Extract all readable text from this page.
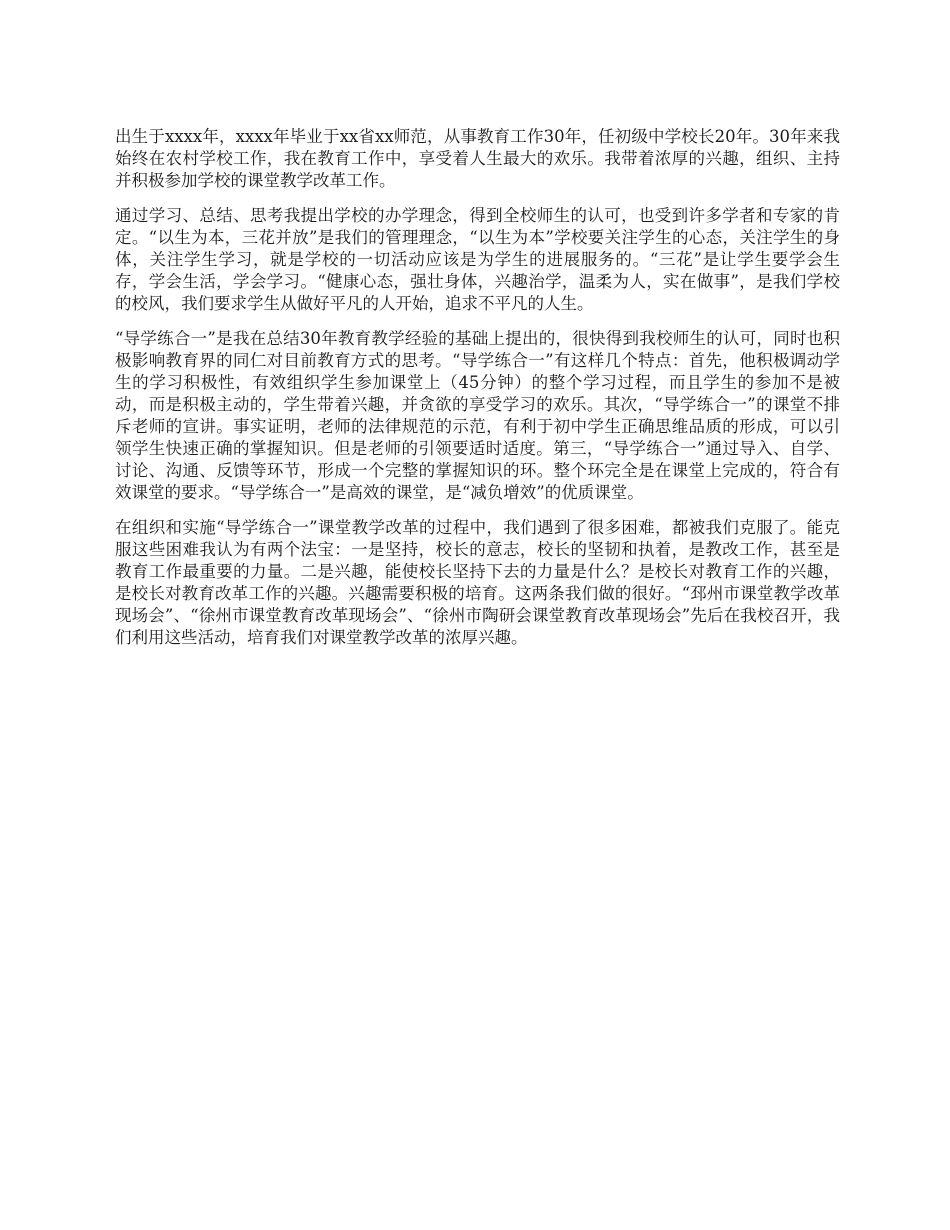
出生于xxxx年，xxxx年毕业于xx省xx师范，从事教育工作30年，任初级中学校长20年。30年来我始终在农村学校工作，我在教育工作中，享受着人生最大的欢乐。我带着浓厚的兴趣，组织、主持并积极参加学校的课堂教学改革工作。

通过学习、总结、思考我提出学校的办学理念，得到全校师生的认可，也受到许多学者和专家的肯定。“以生为本，三花并放”是我们的管理理念，“以生为本”学校要关注学生的心态，关注学生的身体，关注学生学习，就是学校的一切活动应该是为学生的进展服务的。“三花”是让学生要学会生存，学会生活，学会学习。“健康心态，强壮身体，兴趣治学，温柔为人，实在做事”，是我们学校的校风，我们要求学生从做好平凡的人开始，追求不平凡的人生。

“导学练合一”是我在总结30年教育教学经验的基础上提出的，很快得到我校师生的认可，同时也积极影响教育界的同仁对目前教育方式的思考。“导学练合一”有这样几个特点：首先，他积极调动学生的学习积极性，有效组织学生参加课堂上（45分钟）的整个学习过程，而且学生的参加不是被动，而是积极主动的，学生带着兴趣，并贪欲的享受学习的欢乐。其次，“导学练合一”的课堂不排斥老师的宣讲。事实证明，老师的法律规范的示范，有利于初中学生正确思维品质的形成，可以引领学生快速正确的掌握知识。但是老师的引领要适时适度。第三，“导学练合一”通过导入、自学、讨论、沟通、反馈等环节，形成一个完整的掌握知识的环。整个环完全是在课堂上完成的，符合有效课堂的要求。“导学练合一”是高效的课堂，是“减负增效”的优质课堂。

在组织和实施“导学练合一”课堂教学改革的过程中，我们遇到了很多困难，都被我们克服了。能克服这些困难我认为有两个法宝：一是坚持，校长的意志，校长的坚韧和执着，是教改工作，甚至是教育工作最重要的力量。二是兴趣，能使校长坚持下去的力量是什么？是校长对教育工作的兴趣，是校长对教育改革工作的兴趣。兴趣需要积极的培育。这两条我们做的很好。“邳州市课堂教学改革现场会”、“徐州市课堂教育改革现场会”、“徐州市陶研会课堂教育改革现场会”先后在我校召开，我们利用这些活动，培育我们对课堂教学改革的浓厚兴趣。
